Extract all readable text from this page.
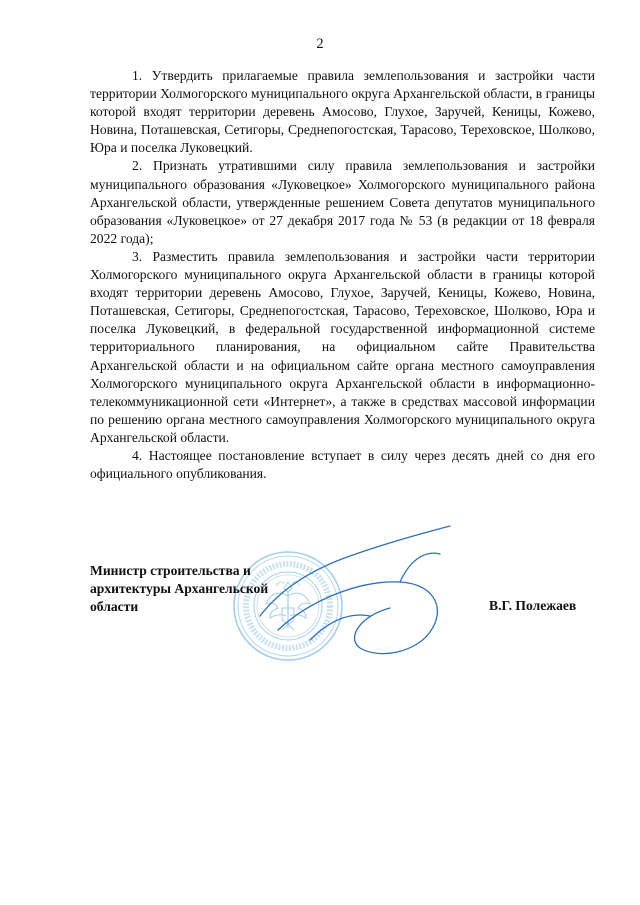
2

1. Утвердить прилагаемые правила землепользования и застройки части территории Холмогорского муниципального округа Архангельской области, в границы которой входят территории деревень Амосово, Глухое, Заручей, Кеницы, Кожево, Новина, Поташевская, Сетигоры, Среднепогостская, Тарасово, Тереховское, Шолково, Юра и поселка Луковецкий.

2. Признать утратившими силу правила землепользования и застройки муниципального образования «Луковецкое» Холмогорского муниципального района Архангельской области, утвержденные решением Совета депутатов муниципального образования «Луковецкое» от 27 декабря 2017 года № 53 (в редакции от 18 февраля 2022 года);

3. Разместить правила землепользования и застройки части территории Холмогорского муниципального округа Архангельской области в границы которой входят территории деревень Амосово, Глухое, Заручей, Кеницы, Кожево, Новина, Поташевская, Сетигоры, Среднепогостская, Тарасово, Тереховское, Шолково, Юра и поселка Луковецкий, в федеральной государственной информационной системе территориального планирования, на официальном сайте Правительства Архангельской области и на официальном сайте органа местного самоуправления Холмогорского муниципального округа Архангельской области в информационно-телекоммуникационной сети «Интернет», а также в средствах массовой информации по решению органа местного самоуправления Холмогорского муниципального округа Архангельской области.

4. Настоящее постановление вступает в силу через десять дней со дня его официального опубликования.

Министр строительства и
архитектуры Архангельской
области	В.Г. Полежаев
